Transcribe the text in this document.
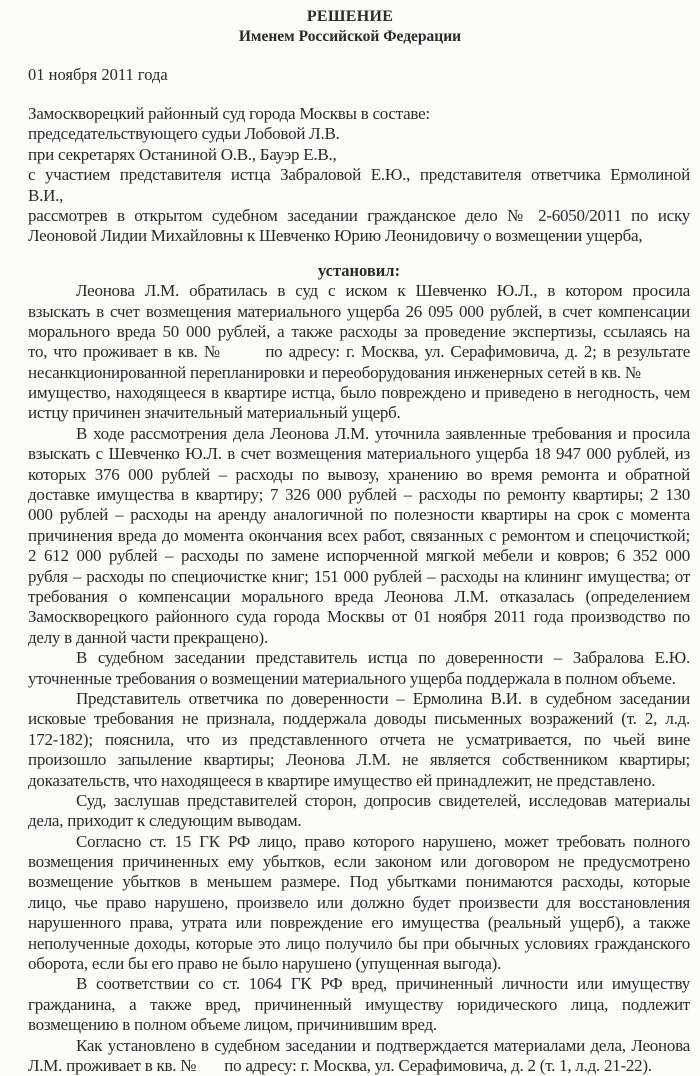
РЕШЕНИЕ
Именем Российской Федерации
01 ноября 2011 года
Замоскворецкий районный суд города Москвы в составе:
председательствующего судьи Лобовой Л.В.
при секретарях Останиной О.В., Бауэр Е.В.,
с участием представителя истца Забраловой Е.Ю., представителя ответчика Ермолиной
В.И.,
рассмотрев в открытом судебном заседании гражданское дело № 2-6050/2011 по иску
Леоновой Лидии Михайловны к Шевченко Юрию Леонидовичу о возмещении ущерба,
установил:
Леонова Л.М. обратилась в суд с иском к Шевченко Ю.Л., в котором просила
взыскать в счет возмещения материального ущерба 26 095 000 рублей, в счет компенсации
морального вреда 50 000 рублей, а также расходы за проведение экспертизы, ссылаясь на
то, что проживает в кв. №       по адресу: г. Москва, ул. Серафимовича, д. 2; в результате
несанкционированной перепланировки и переоборудования инженерных сетей в кв. №
имущество, находящееся в квартире истца, было повреждено и приведено в негодность, чем
истцу причинен значительный материальный ущерб.
В ходе рассмотрения дела Леонова Л.М. уточнила заявленные требования и просила
взыскать с Шевченко Ю.Л. в счет возмещения материального ущерба 18 947 000 рублей, из
которых 376 000 рублей – расходы по вывозу, хранению во время ремонта и обратной
доставке имущества в квартиру; 7 326 000 рублей – расходы по ремонту квартиры; 2 130
000 рублей – расходы на аренду аналогичной по полезности квартиры на срок с момента
причинения вреда до момента окончания всех работ, связанных с ремонтом и спецочисткой;
2 612 000 рублей – расходы по замене испорченной мягкой мебели и ковров; 6 352 000
рубля – расходы по специочистке книг; 151 000 рублей – расходы на клининг имущества; от
требования о компенсации морального вреда Леонова Л.М. отказалась (определением
Замоскворецкого районного суда города Москвы от 01 ноября 2011 года производство по
делу в данной части прекращено).
В судебном заседании представитель истца по доверенности – Забралова Е.Ю.
уточненные требования о возмещении материального ущерба поддержала в полном объеме.
Представитель ответчика по доверенности – Ермолина В.И. в судебном заседании
исковые требования не признала, поддержала доводы письменных возражений (т. 2, л.д.
172-182); пояснила, что из представленного отчета не усматривается, по чьей вине
произошло запыление квартиры; Леонова Л.М. не является собственником квартиры;
доказательств, что находящееся в квартире имущество ей принадлежит, не представлено.
Суд, заслушав представителей сторон, допросив свидетелей, исследовав материалы
дела, приходит к следующим выводам.
Согласно ст. 15 ГК РФ лицо, право которого нарушено, может требовать полного
возмещения причиненных ему убытков, если законом или договором не предусмотрено
возмещение убытков в меньшем размере. Под убытками понимаются расходы, которые
лицо, чье право нарушено, произвело или должно будет произвести для восстановления
нарушенного права, утрата или повреждение его имущества (реальный ущерб), а также
неполученные доходы, которые это лицо получило бы при обычных условиях гражданского
оборота, если бы его право не было нарушено (упущенная выгода).
В соответствии со ст. 1064 ГК РФ вред, причиненный личности или имуществу
гражданина, а также вред, причиненный имуществу юридического лица, подлежит
возмещению в полном объеме лицом, причинившим вред.
Как установлено в судебном заседании и подтверждается материалами дела, Леонова
Л.М. проживает в кв. №       по адресу: г. Москва, ул. Серафимовича, д. 2 (т. 1, л.д. 21-22).
